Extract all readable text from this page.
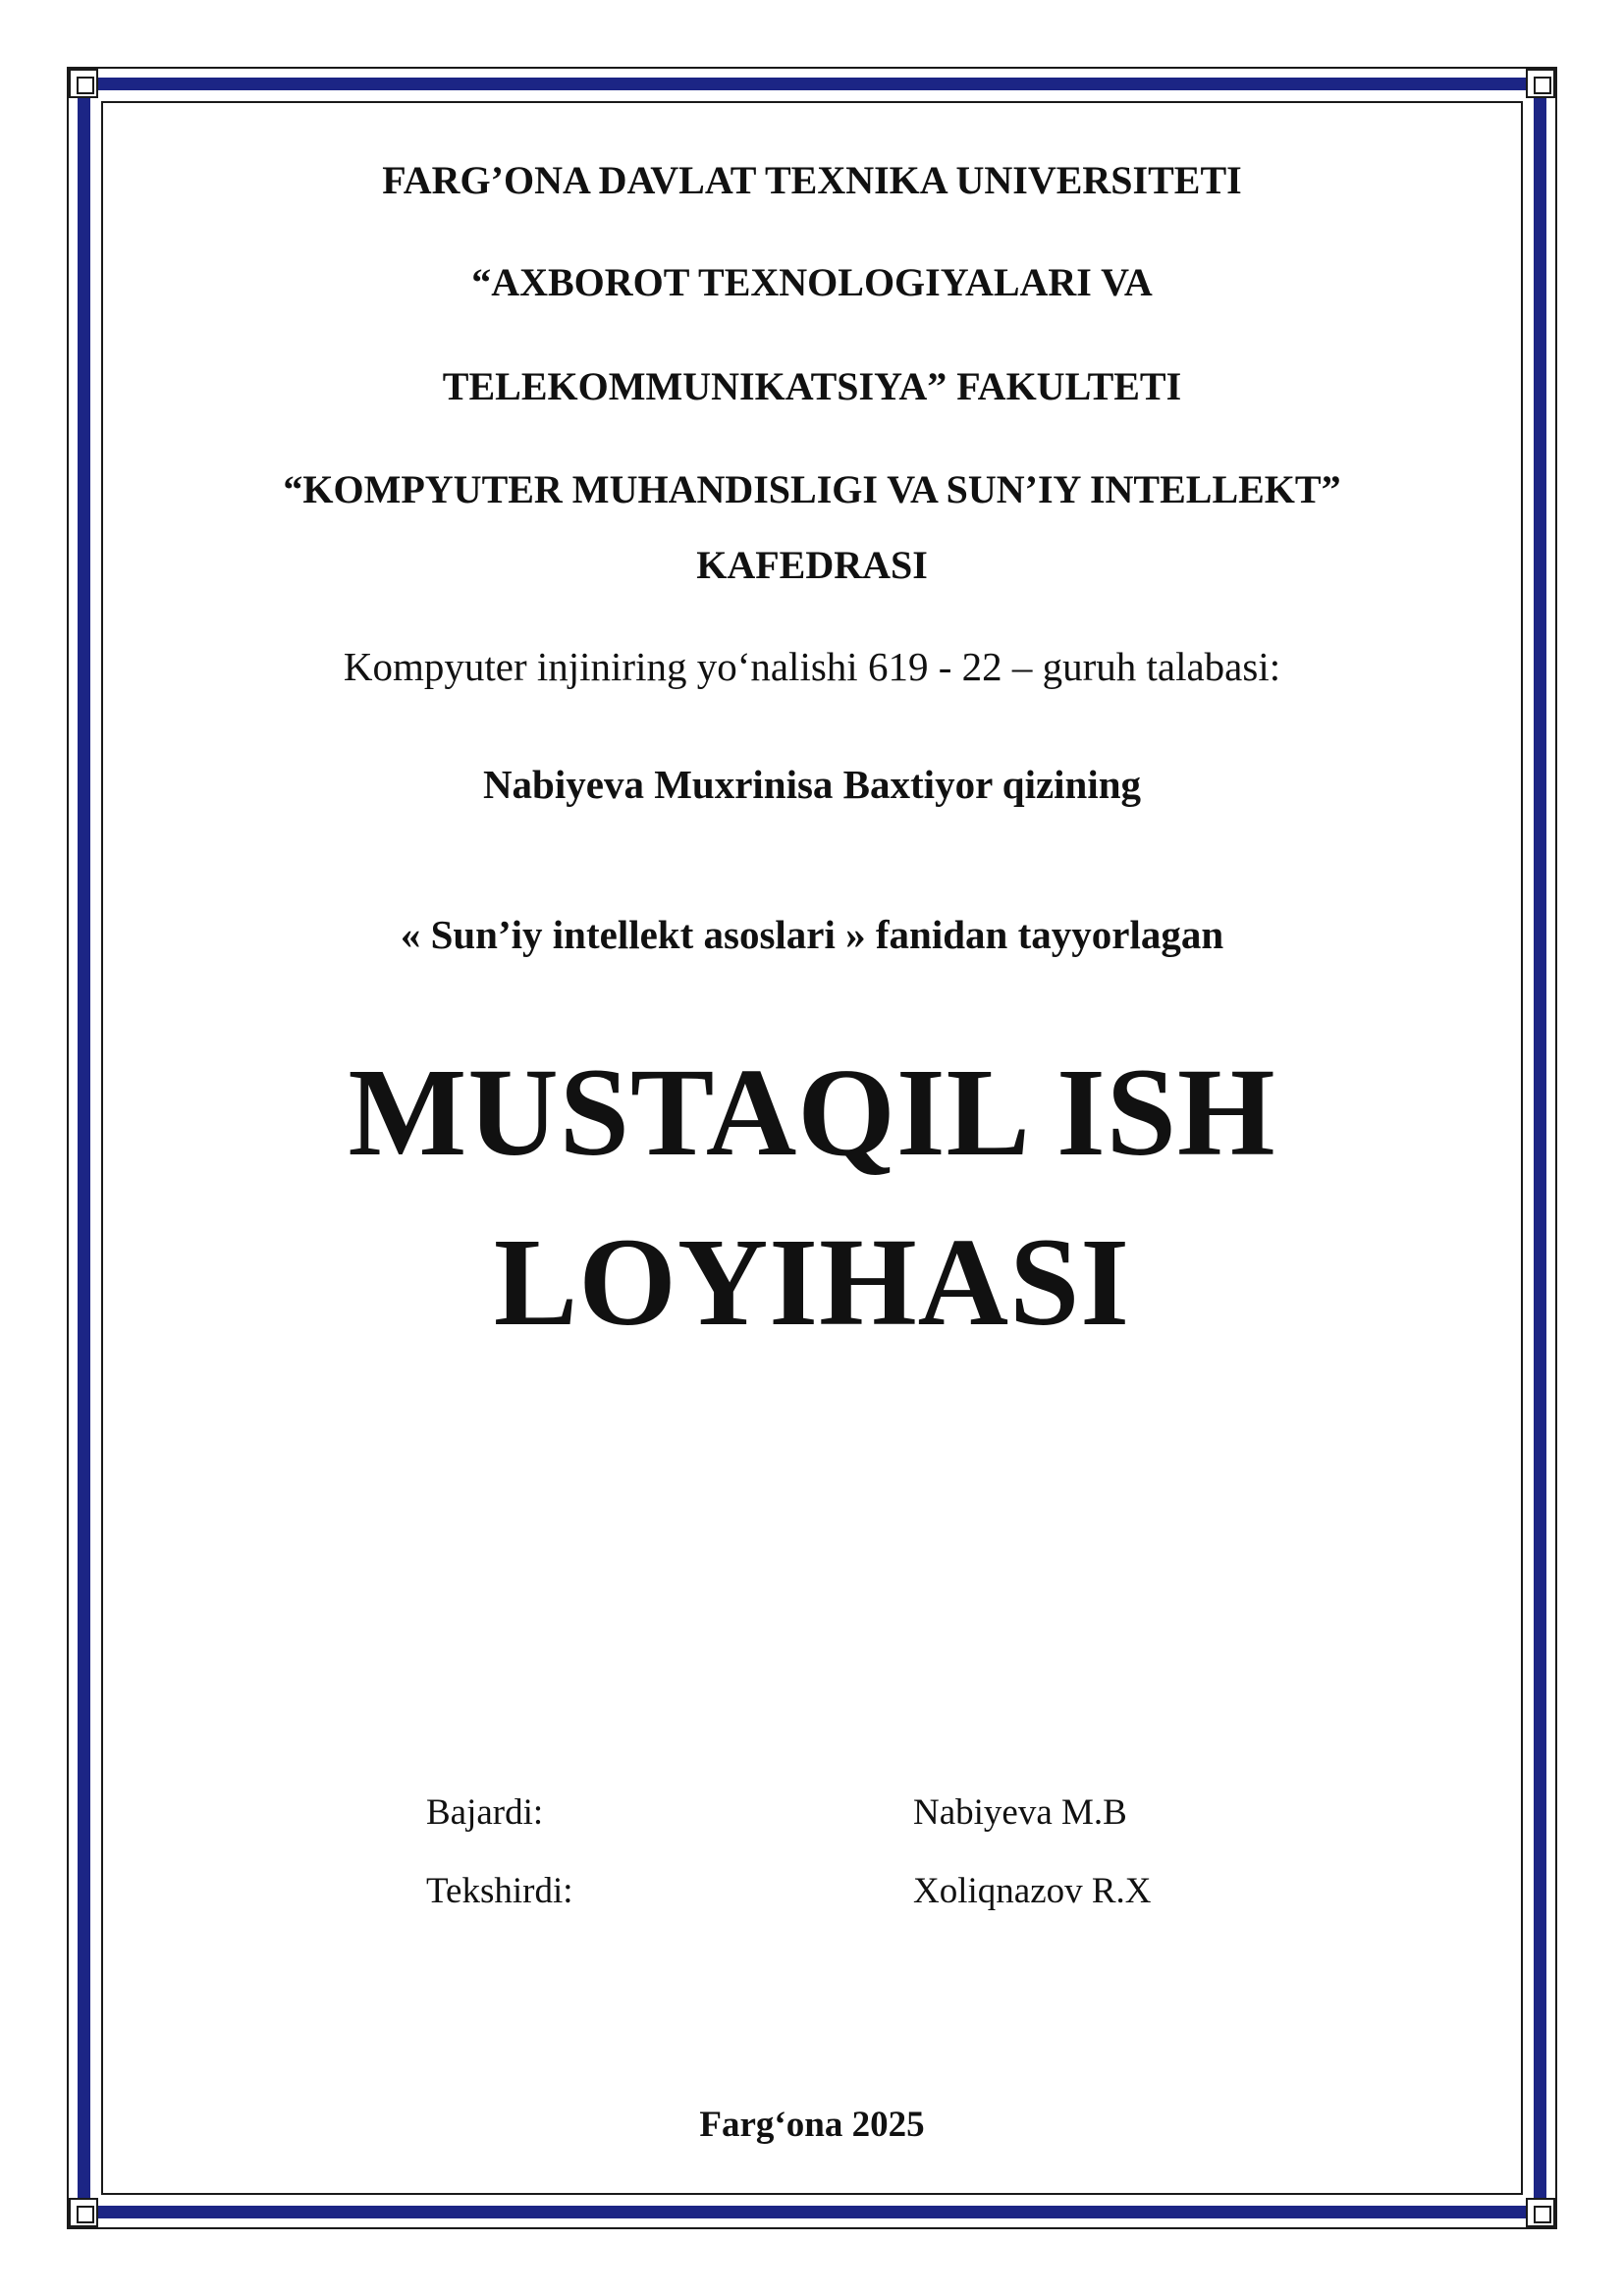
FARG’ONA DAVLAT TEXNIKA UNIVERSITETI
“AXBOROT TEXNOLOGIYALARI VA
TELEKOMMUNIKATSIYA” FAKULTETI
“KOMPYUTER MUHANDISLIGI VA SUN’IY INTELLEKT”
KAFEDRASI
Kompyuter injiniring yo‘nalishi 619 - 22 – guruh talabasi:
Nabiyeva Muxrinisa Baxtiyor qizining
« Sun’iy intellekt asoslari » fanidan tayyorlagan
MUSTAQIL ISH
LOYIHASI
Bajardi:	Nabiyeva M.B
Tekshirdi:	Xoliqnazov R.X
Farg‘ona 2025
